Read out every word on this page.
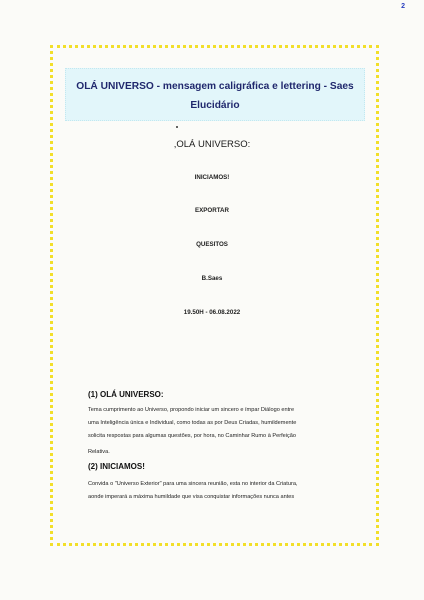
2
OLÁ UNIVERSO - mensagem caligráfica e lettering - Saes
Elucidário
,OLÁ UNIVERSO:
INICIAMOS!
EXPORTAR
QUESITOS
B.Saes
19.50H - 06.08.2022
(1) OLÁ UNIVERSO:
Tema cumprimento ao Universo, propondo iniciar um sincero e ímpar Diálogo entre
uma Inteligência única e Individual, como todas as por Deus Criadas, humildemente
solicita respostas para algumas questões, por hora, no Caminhar Rumo à Perfeição
Relativa.
(2) INICIAMOS!
Convida o "Universo Exterior" para uma sincera reunião, esta no interior da Criatura,
aonde imperará a máxima humildade que visa conquistar informações nunca antes
